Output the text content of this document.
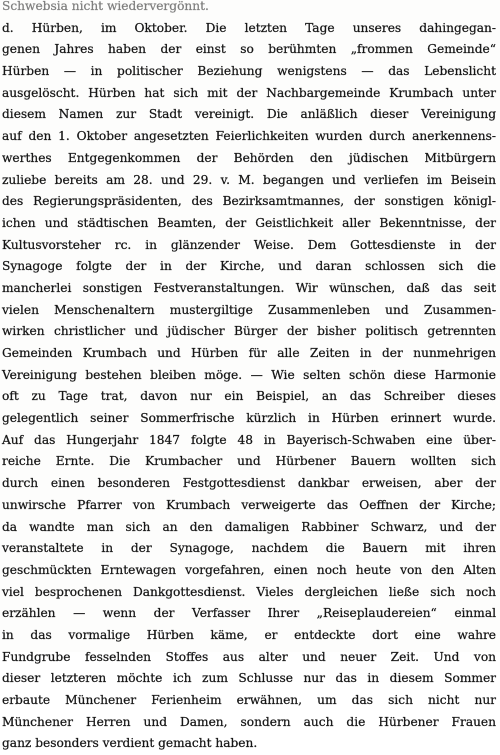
Schwebsia nicht wiedervergönnt.
d. Hürben, im Oktober. Die letzten Tage unseres dahingegan-
genen Jahres haben der einst so berühmten „frommen Gemeinde“
Hürben — in politischer Beziehung wenigstens — das Lebenslicht
ausgelöscht. Hürben hat sich mit der Nachbargemeinde Krumbach unter
diesem Namen zur Stadt vereinigt. Die anläßlich dieser Vereinigung
auf den 1. Oktober angesetzten Feierlichkeiten wurden durch anerkennens-
werthes Entgegenkommen der Behörden den jüdischen Mitbürgern
zuliebe bereits am 28. und 29. v. M. begangen und verliefen im Beisein
des Regierungspräsidenten, des Bezirksamtmannes, der sonstigen königl-
ichen und städtischen Beamten, der Geistlichkeit aller Bekenntnisse, der
Kultusvorsteher rc. in glänzender Weise. Dem Gottesdienste in der
Synagoge folgte der in der Kirche, und daran schlossen sich die
mancherlei sonstigen Festveranstaltungen. Wir wünschen, daß das seit
vielen Menschenaltern mustergiltige Zusammenleben und Zusammen-
wirken christlicher und jüdischer Bürger der bisher politisch getrennten
Gemeinden Krumbach und Hürben für alle Zeiten in der nunmehrigen
Vereinigung bestehen bleiben möge. — Wie selten schön diese Harmonie
oft zu Tage trat, davon nur ein Beispiel, an das Schreiber dieses
gelegentlich seiner Sommerfrische kürzlich in Hürben erinnert wurde.
Auf das Hungerjahr 1847 folgte 48 in Bayerisch-Schwaben eine über-
reiche Ernte. Die Krumbacher und Hürbener Bauern wollten sich
durch einen besonderen Festgottesdienst dankbar erweisen, aber der
unwirsche Pfarrer von Krumbach verweigerte das Oeffnen der Kirche;
da wandte man sich an den damaligen Rabbiner Schwarz, und der
veranstaltete in der Synagoge, nachdem die Bauern mit ihren
geschmückten Erntewagen vorgefahren, einen noch heute von den Alten
viel besprochenen Dankgottesdienst. Vieles dergleichen ließe sich noch
erzählen — wenn der Verfasser Ihrer „Reiseplaudereien“ einmal
in das vormalige Hürben käme, er entdeckte dort eine wahre
Fundgrube fesselnden Stoffes aus alter und neuer Zeit. Und von
dieser letzteren möchte ich zum Schlusse nur das in diesem Sommer
erbaute Münchener Ferienheim erwähnen, um das sich nicht nur
Münchener Herren und Damen, sondern auch die Hürbener Frauen
ganz besonders verdient gemacht haben.
